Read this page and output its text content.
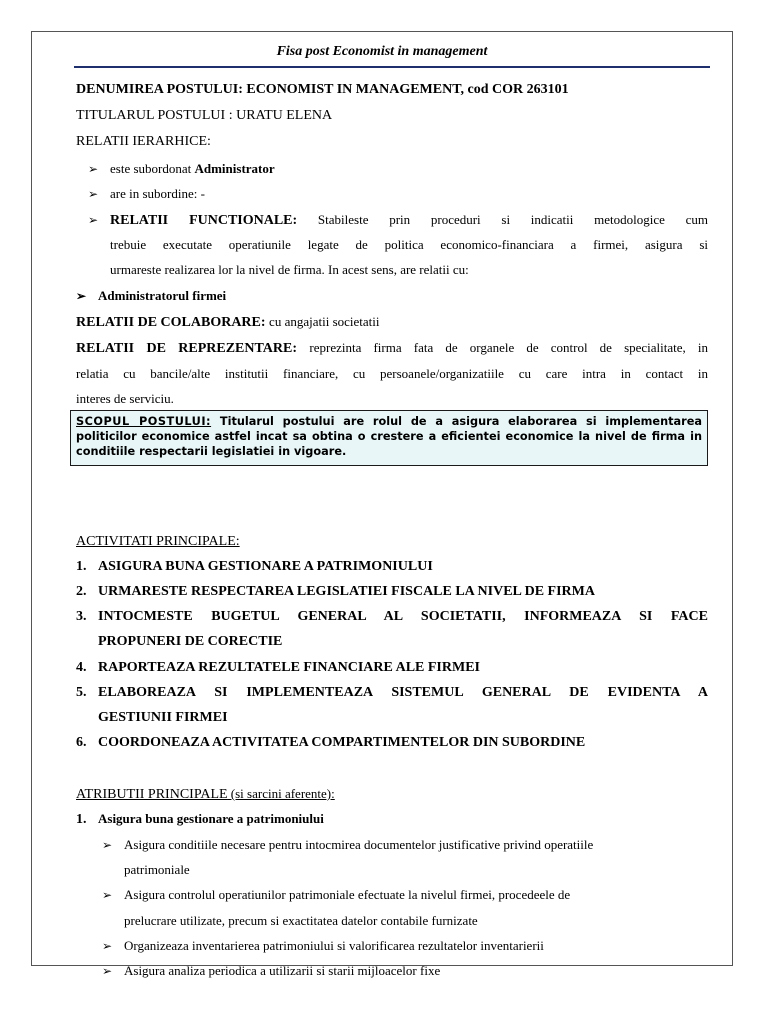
Fisa post Economist in management
DENUMIREA POSTULUI: ECONOMIST IN MANAGEMENT, cod COR 263101
TITULARUL POSTULUI : URATU ELENA
RELATII IERARHICE:
➢ este subordonat Administrator
➢ are in subordine: -
➢ RELATII FUNCTIONALE: Stabileste prin proceduri si indicatii metodologice cum
trebuie executate operatiunile legate de politica economico-financiara a firmei, asigura si
urmareste realizarea lor la nivel de firma. In acest sens, are relatii cu:
➢ Administratorul firmei
RELATII DE COLABORARE: cu angajatii societatii
RELATII DE REPREZENTARE: reprezinta firma fata de organele de control de specialitate, in
relatia cu bancile/alte institutii financiare, cu persoanele/organizatiile cu care intra in contact in
interes de serviciu.
SCOPUL POSTULUI: Titularul postului are rolul de a asigura elaborarea si implementarea
politicilor economice astfel incat sa obtina o crestere a eficientei economice la nivel de firma in
conditiile respectarii legislatiei in vigoare.
ACTIVITATI PRINCIPALE:
1. ASIGURA BUNA GESTIONARE A PATRIMONIULUI
2. URMARESTE RESPECTAREA LEGISLATIEI FISCALE LA NIVEL DE FIRMA
3. INTOCMESTE BUGETUL GENERAL AL SOCIETATII, INFORMEAZA SI FACE
PROPUNERI DE CORECTIE
4. RAPORTEAZA REZULTATELE FINANCIARE ALE FIRMEI
5. ELABOREAZA SI IMPLEMENTEAZA SISTEMUL GENERAL DE EVIDENTA A
GESTIUNII FIRMEI
6. COORDONEAZA ACTIVITATEA COMPARTIMENTELOR DIN SUBORDINE
ATRIBUTII PRINCIPALE (si sarcini aferente):
1. Asigura buna gestionare a patrimoniului
➢ Asigura conditiile necesare pentru intocmirea documentelor justificative privind operatiile
patrimoniale
➢ Asigura controlul operatiunilor patrimoniale efectuate la nivelul firmei, procedeele de
prelucrare utilizate, precum si exactitatea datelor contabile furnizate
➢ Organizeaza inventarierea patrimoniului si valorificarea rezultatelor inventarierii
➢ Asigura analiza periodica a utilizarii si starii mijloacelor fixe
